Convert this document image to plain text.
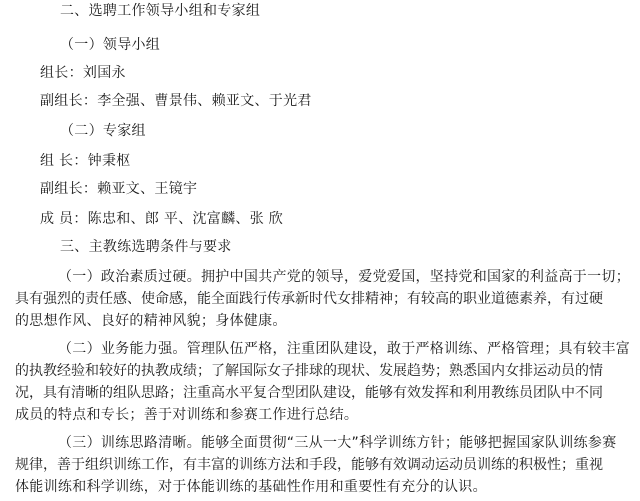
二、选聘工作领导小组和专家组
（一）领导小组
组长：刘国永
副组长：李全强、曹景伟、赖亚文、于光君
（二）专家组
组 长：钟秉枢
副组长：赖亚文、王镜宇
成 员：陈忠和、郎 平、沈富麟、张 欣
三、主教练选聘条件与要求
（一）政治素质过硬。拥护中国共产党的领导，爱党爱国，坚持党和国家的利益高于一切；
具有强烈的责任感、使命感，能全面践行传承新时代女排精神；有较高的职业道德素养，有过硬
的思想作风、良好的精神风貌；身体健康。
（二）业务能力强。管理队伍严格，注重团队建设，敢于严格训练、严格管理；具有较丰富
的执教经验和较好的执教成绩；了解国际女子排球的现状、发展趋势；熟悉国内女排运动员的情
况，具有清晰的组队思路；注重高水平复合型团队建设，能够有效发挥和利用教练员团队中不同
成员的特点和专长；善于对训练和参赛工作进行总结。
（三）训练思路清晰。能够全面贯彻“三从一大”科学训练方针；能够把握国家队训练参赛
规律，善于组织训练工作，有丰富的训练方法和手段，能够有效调动运动员训练的积极性；重视
体能训练和科学训练，对于体能训练的基础性作用和重要性有充分的认识。
